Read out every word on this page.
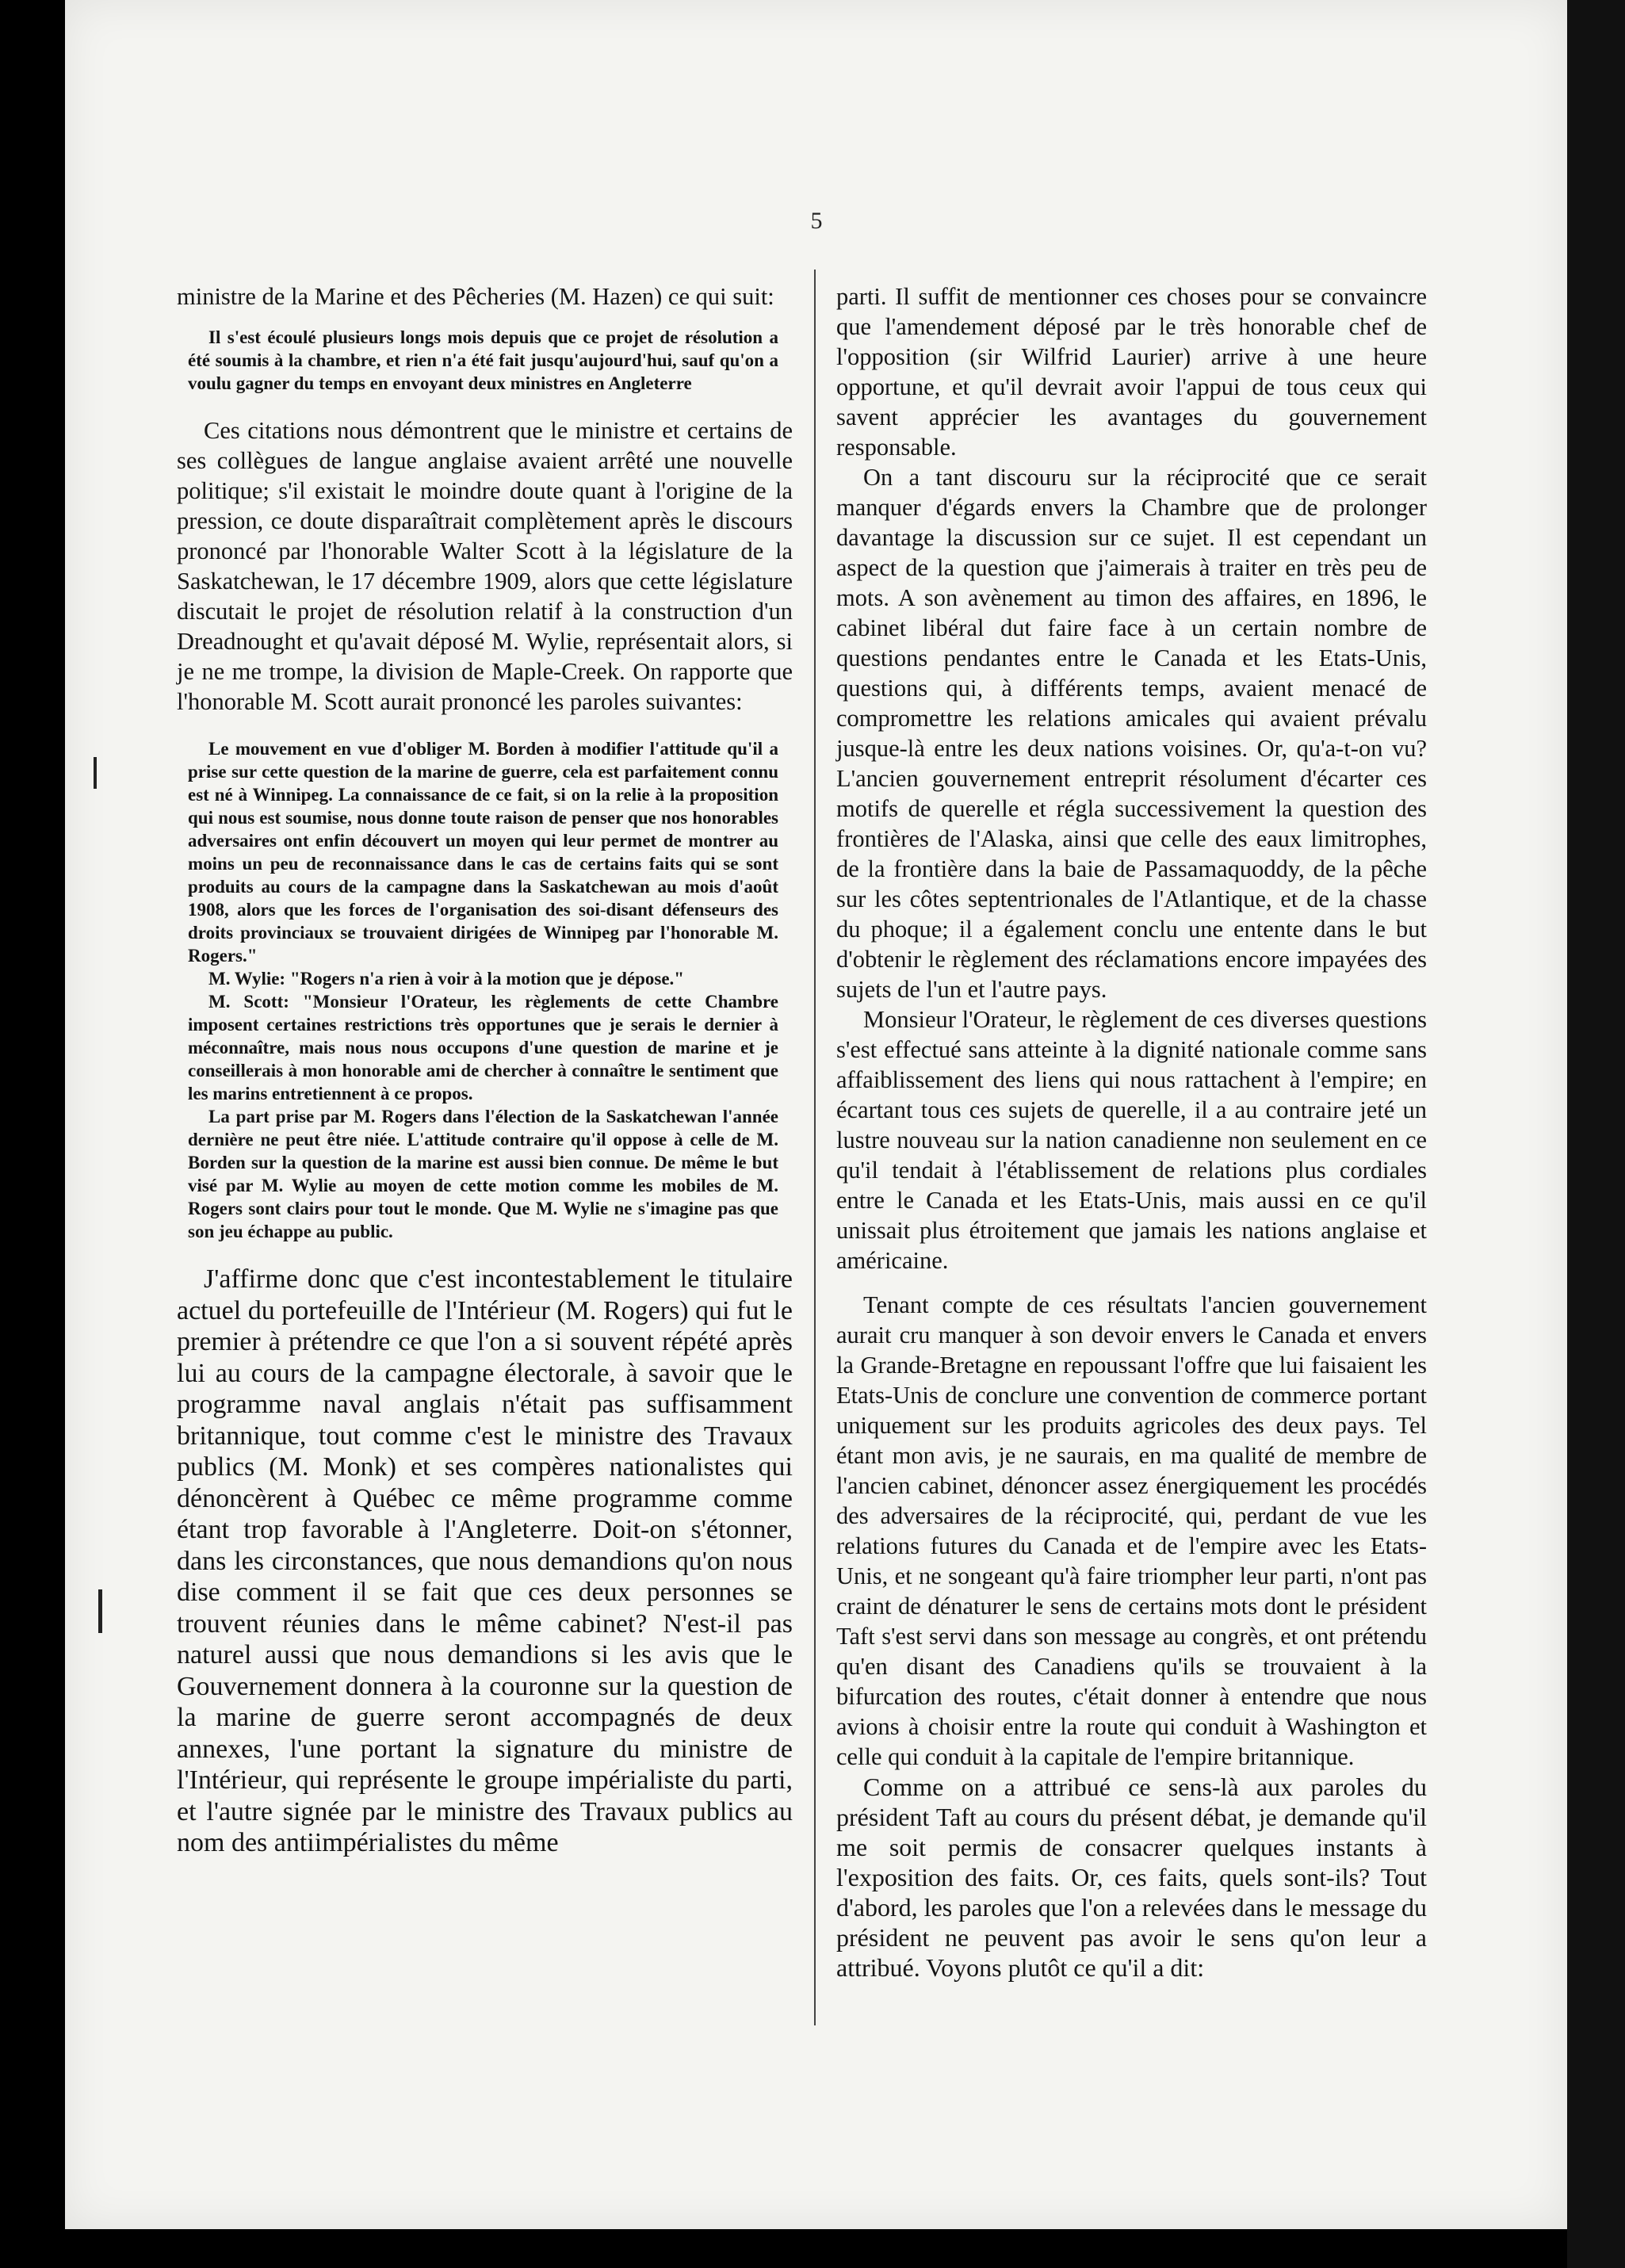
5

ministre de la Marine et des Pêcheries (M. Hazen) ce qui suit:

Il s'est écoulé plusieurs longs mois depuis que ce projet de résolution a été soumis à la chambre, et rien n'a été fait jusqu'aujourd'hui, sauf qu'on a voulu gagner du temps en envoyant deux ministres en Angleterre

Ces citations nous démontrent que le ministre et certains de ses collègues de langue anglaise avaient arrêté une nouvelle politique; s'il existait le moindre doute quant à l'origine de la pression, ce doute disparaîtrait complètement après le discours prononcé par l'honorable Walter Scott à la législature de la Saskatchewan, le 17 décembre 1909, alors que cette législature discutait le projet de résolution relatif à la construction d'un Dreadnought et qu'avait déposé M. Wylie, représentait alors, si je ne me trompe, la division de Maple-Creek. On rapporte que l'honorable M. Scott aurait prononcé les paroles suivantes:

Le mouvement en vue d'obliger M. Borden à modifier l'attitude qu'il a prise sur cette question de la marine de guerre, cela est parfaitement connu est né à Winnipeg. La connaissance de ce fait, si on la relie à la proposition qui nous est soumise, nous donne toute raison de penser que nos honorables adversaires ont enfin découvert un moyen qui leur permet de montrer au moins un peu de reconnaissance dans le cas de certains faits qui se sont produits au cours de la campagne dans la Saskatchewan au mois d'août 1908, alors que les forces de l'organisation des soi-disant défenseurs des droits provinciaux se trouvaient dirigées de Winnipeg par l'honorable M. Rogers."

M. Wylie: "Rogers n'a rien à voir à la motion que je dépose."

M. Scott: "Monsieur l'Orateur, les règlements de cette Chambre imposent certaines restrictions très opportunes que je serais le dernier à méconnaître, mais nous nous occupons d'une question de marine et je conseillerais à mon honorable ami de chercher à connaître le sentiment que les marins entretiennent à ce propos.

La part prise par M. Rogers dans l'élection de la Saskatchewan l'année dernière ne peut être niée. L'attitude contraire qu'il oppose à celle de M. Borden sur la question de la marine est aussi bien connue. De même le but visé par M. Wylie au moyen de cette motion comme les mobiles de M. Rogers sont clairs pour tout le monde. Que M. Wylie ne s'imagine pas que son jeu échappe au public.

J'affirme donc que c'est incontestablement le titulaire actuel du portefeuille de l'Intérieur (M. Rogers) qui fut le premier à prétendre ce que l'on a si souvent répété après lui au cours de la campagne électorale, à savoir que le programme naval anglais n'était pas suffisamment britannique, tout comme c'est le ministre des Travaux publics (M. Monk) et ses compères nationalistes qui dénoncèrent à Québec ce même programme comme étant trop favorable à l'Angleterre. Doit-on s'étonner, dans les circonstances, que nous demandions qu'on nous dise comment il se fait que ces deux personnes se trouvent réunies dans le même cabinet? N'est-il pas naturel aussi que nous demandions si les avis que le Gouvernement donnera à la couronne sur la question de la marine de guerre seront accompagnés de deux annexes, l'une portant la signature du ministre de l'Intérieur, qui représente le groupe impérialiste du parti, et l'autre signée par le ministre des Travaux publics au nom des antiimpérialistes du même

parti. Il suffit de mentionner ces choses pour se convaincre que l'amendement déposé par le très honorable chef de l'opposition (sir Wilfrid Laurier) arrive à une heure opportune, et qu'il devrait avoir l'appui de tous ceux qui savent apprécier les avantages du gouvernement responsable.

On a tant discouru sur la réciprocité que ce serait manquer d'égards envers la Chambre que de prolonger davantage la discussion sur ce sujet. Il est cependant un aspect de la question que j'aimerais à traiter en très peu de mots. A son avènement au timon des affaires, en 1896, le cabinet libéral dut faire face à un certain nombre de questions pendantes entre le Canada et les Etats-Unis, questions qui, à différents temps, avaient menacé de compromettre les relations amicales qui avaient prévalu jusque-là entre les deux nations voisines. Or, qu'a-t-on vu? L'ancien gouvernement entreprit résolument d'écarter ces motifs de querelle et régla successivement la question des frontières de l'Alaska, ainsi que celle des eaux limitrophes, de la frontière dans la baie de Passamaquoddy, de la pêche sur les côtes septentrionales de l'Atlantique, et de la chasse du phoque; il a également conclu une entente dans le but d'obtenir le règlement des réclamations encore impayées des sujets de l'un et l'autre pays.

Monsieur l'Orateur, le règlement de ces diverses questions s'est effectué sans atteinte à la dignité nationale comme sans affaiblissement des liens qui nous rattachent à l'empire; en écartant tous ces sujets de querelle, il a au contraire jeté un lustre nouveau sur la nation canadienne non seulement en ce qu'il tendait à l'établissement de relations plus cordiales entre le Canada et les Etats-Unis, mais aussi en ce qu'il unissait plus étroitement que jamais les nations anglaise et américaine.

Tenant compte de ces résultats l'ancien gouvernement aurait cru manquer à son devoir envers le Canada et envers la Grande-Bretagne en repoussant l'offre que lui faisaient les Etats-Unis de conclure une convention de commerce portant uniquement sur les produits agricoles des deux pays. Tel étant mon avis, je ne saurais, en ma qualité de membre de l'ancien cabinet, dénoncer assez énergiquement les procédés des adversaires de la réciprocité, qui, perdant de vue les relations futures du Canada et de l'empire avec les Etats-Unis, et ne songeant qu'à faire triompher leur parti, n'ont pas craint de dénaturer le sens de certains mots dont le président Taft s'est servi dans son message au congrès, et ont prétendu qu'en disant des Canadiens qu'ils se trouvaient à la bifurcation des routes, c'était donner à entendre que nous avions à choisir entre la route qui conduit à Washington et celle qui conduit à la capitale de l'empire britannique.

Comme on a attribué ce sens-là aux paroles du président Taft au cours du présent débat, je demande qu'il me soit permis de consacrer quelques instants à l'exposition des faits. Or, ces faits, quels sont-ils? Tout d'abord, les paroles que l'on a relevées dans le message du président ne peuvent pas avoir le sens qu'on leur a attribué. Voyons plutôt ce qu'il a dit:
